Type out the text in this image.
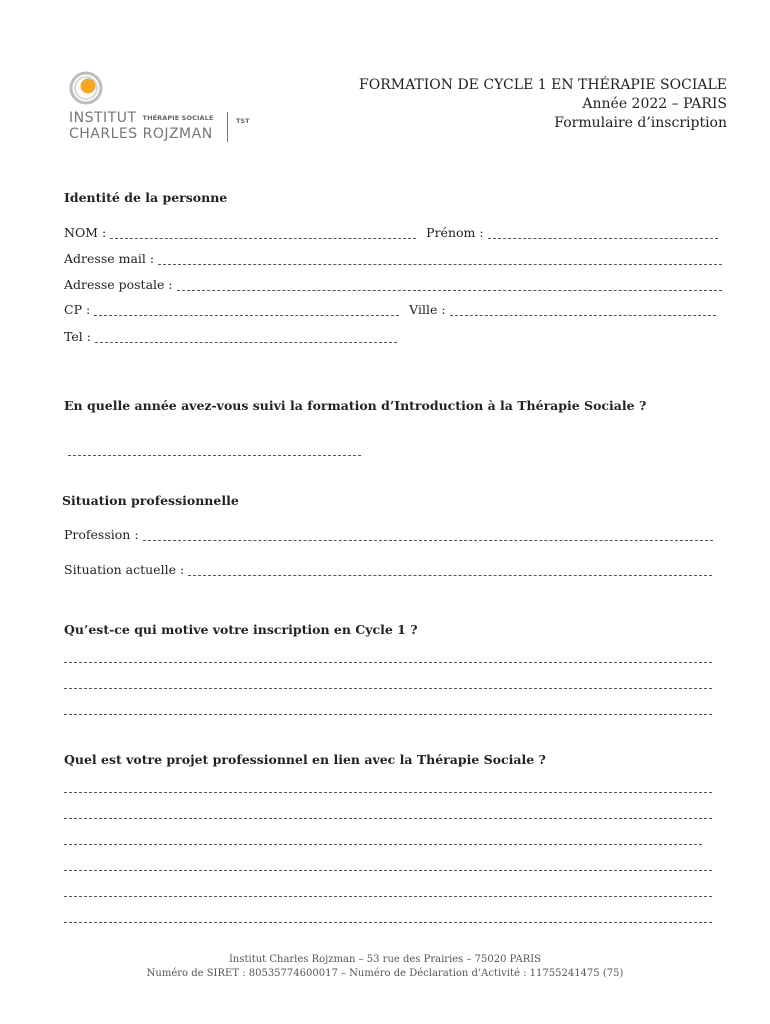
INSTITUT $^{THÉRAPIE SOCIALE}$
CHARLES ROJZMAN
TST
FORMATION DE CYCLE 1 EN THÉRAPIE SOCIALE
Année 2022 – PARIS
Formulaire d’inscription
Identité de la personne
NOM :	Prénom :
Adresse mail :
Adresse postale :
CP :	Ville :
Tel :
En quelle année avez-vous suivi la formation d’Introduction à la Thérapie Sociale ?
Situation professionnelle
Profession :
Situation actuelle :
Qu’est-ce qui motive votre inscription en Cycle 1 ?
Quel est votre projet professionnel en lien avec la Thérapie Sociale ?
Institut Charles Rojzman – 53 rue des Prairies – 75020 PARIS
Numéro de SIRET : 80535774600017 – Numéro de Déclaration d’Activité : 11755241475 (75)
